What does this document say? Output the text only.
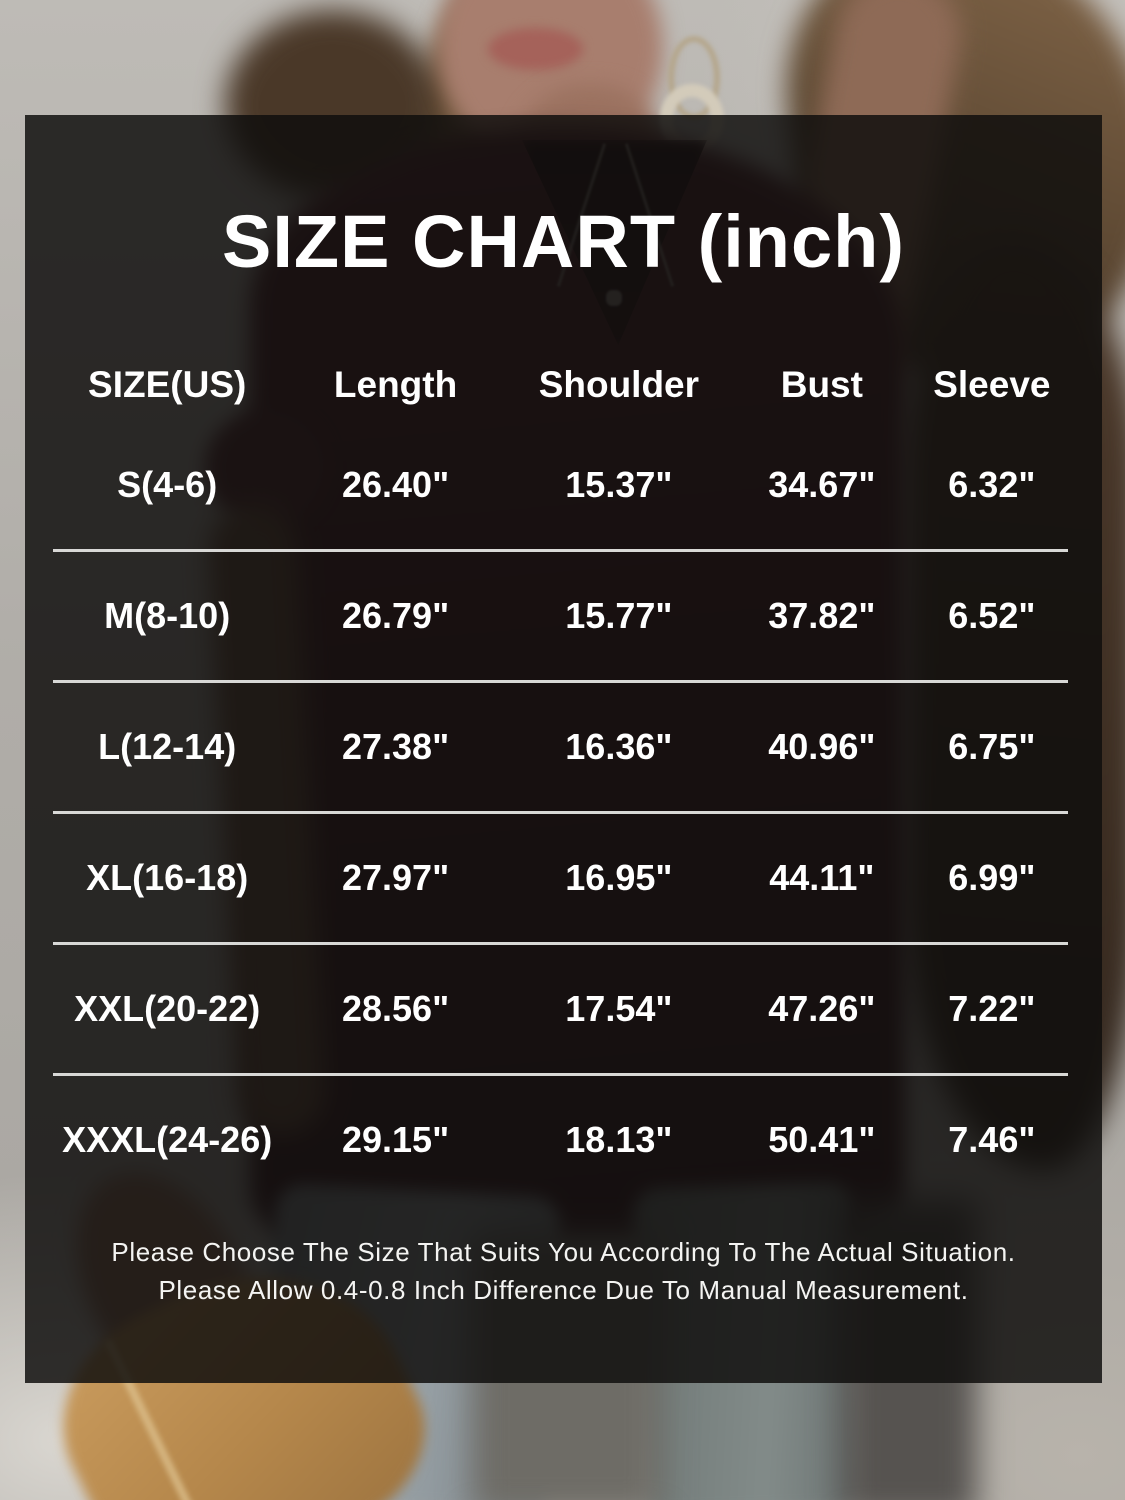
SIZE CHART (inch)
SIZE(US)	Length	Shoulder	Bust	Sleeve
S(4-6)	26.40"	15.37"	34.67"	6.32"
M(8-10)	26.79"	15.77"	37.82"	6.52"
L(12-14)	27.38"	16.36"	40.96"	6.75"
XL(16-18)	27.97"	16.95"	44.11"	6.99"
XXL(20-22)	28.56"	17.54"	47.26"	7.22"
XXXL(24-26)	29.15"	18.13"	50.41"	7.46"
Please Choose The Size That Suits You According To The Actual Situation.
Please Allow 0.4-0.8 Inch Difference Due To Manual Measurement.
